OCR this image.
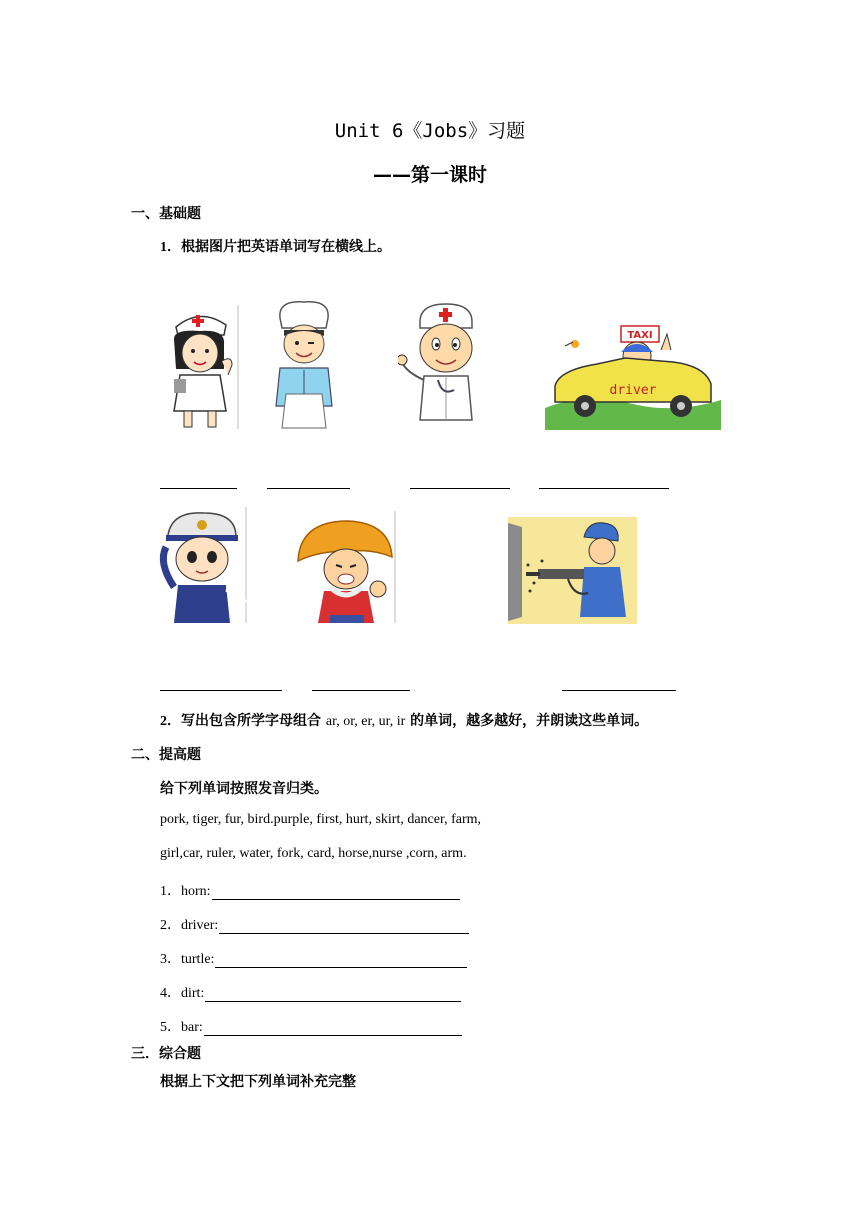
Unit 6《Jobs》习题
——第一课时
一、基础题
1．根据图片把英语单词写在横线上。
TAXI
driver
2．写出包含所学字母组合 ar, or, er, ur, ir 的单词，越多越好，并朗读这些单词。
二、提高题
给下列单词按照发音归类。
pork, tiger, fur, bird.purple, first, hurt, skirt, dancer, farm,
girl,car, ruler, water, fork, card, horse,nurse ,corn, arm.
1． horn:
2． driver:
3． turtle:
4． dirt:
5． bar:
三．综合题
根据上下文把下列单词补充完整
